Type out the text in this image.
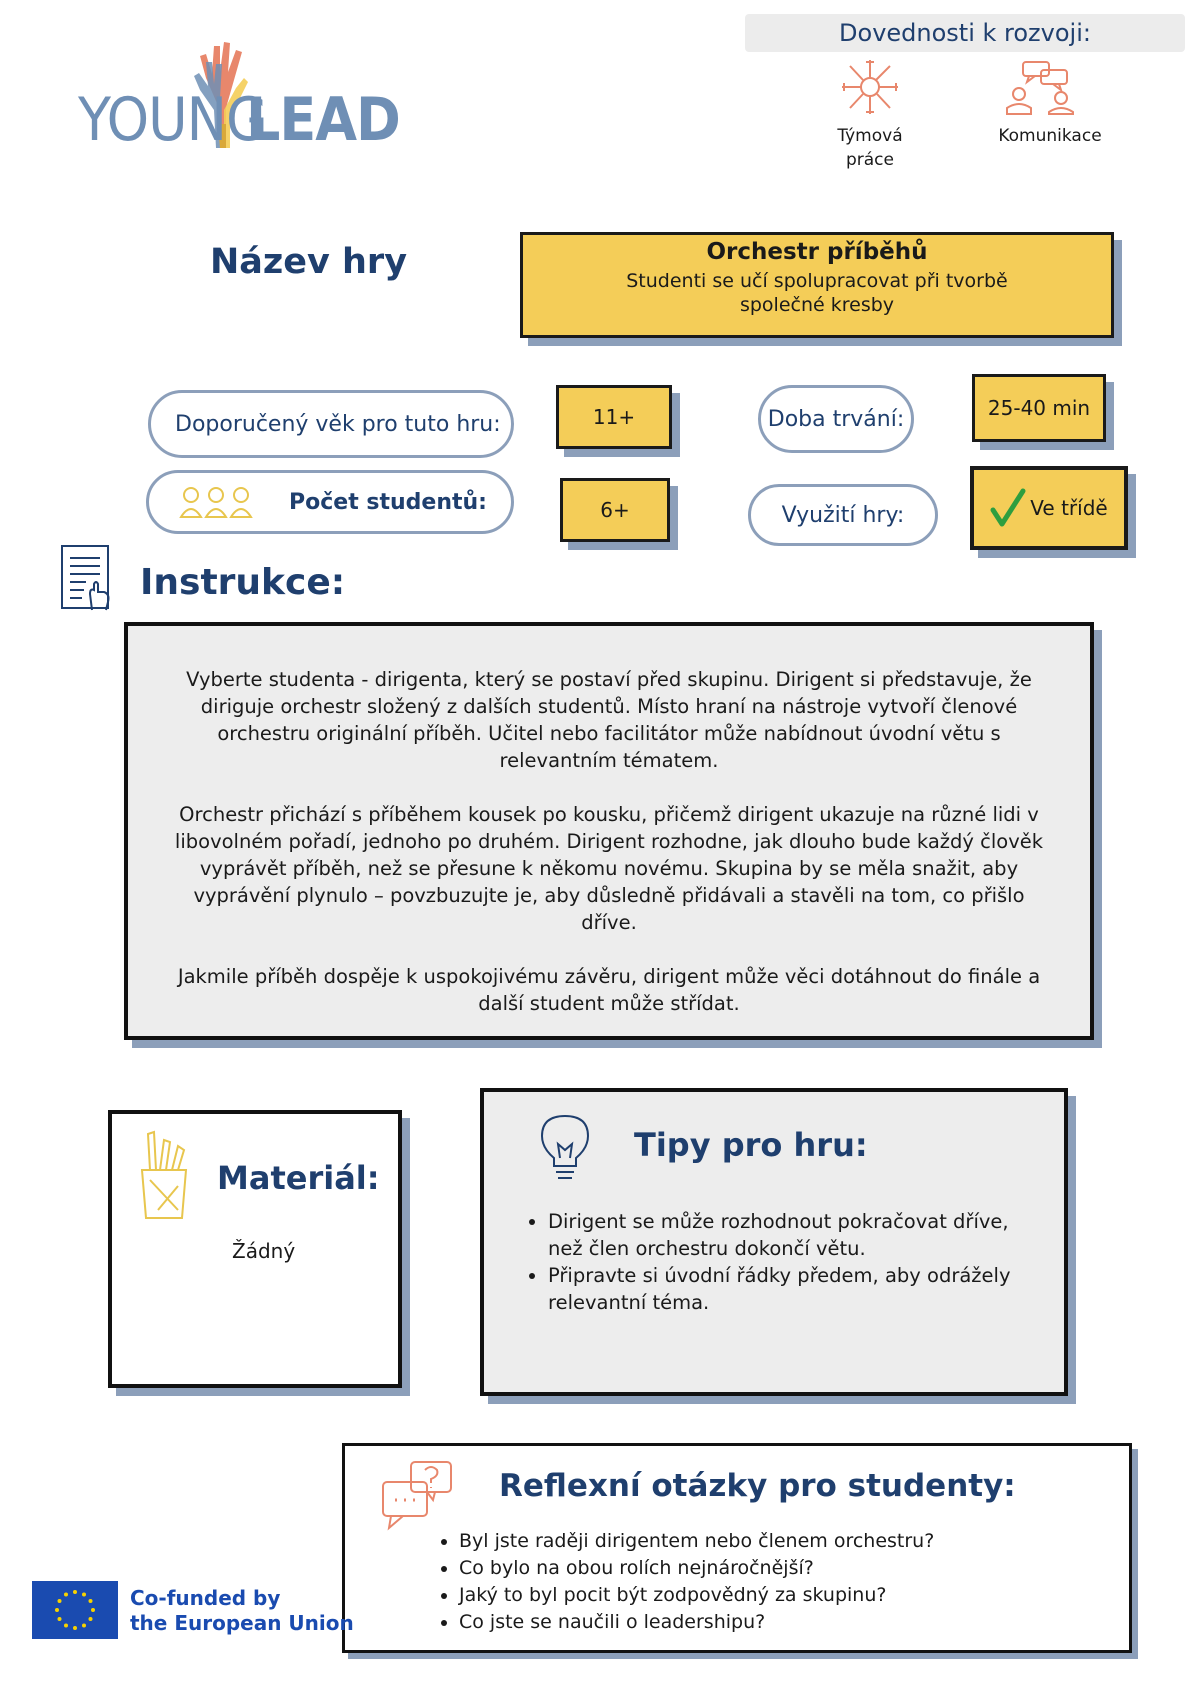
YOUNG
LEAD
Dovednosti k rozvoji:
Týmová
práce
Komunikace
Název hry	Orchestr příběhů
Studenti se učí spolupracovat při tvorbě společné kresby
Doporučený věk pro tuto hru:	11+	Doba trvání:	25-40 min
Počet studentů:	6+	Využití hry:	Ve třídě
Instrukce:

Vyberte studenta - dirigenta, který se postaví před skupinu. Dirigent si představuje, že diriguje orchestr složený z dalších studentů. Místo hraní na nástroje vytvoří členové orchestru originální příběh. Učitel nebo facilitátor může nabídnout úvodní větu s relevantním tématem.

Orchestr přichází s příběhem kousek po kousku, přičemž dirigent ukazuje na různé lidi v libovolném pořadí, jednoho po druhém. Dirigent rozhodne, jak dlouho bude každý člověk vyprávět příběh, než se přesune k někomu novému. Skupina by se měla snažit, aby vyprávění plynulo – povzbuzujte je, aby důsledně přidávali a stavěli na tom, co přišlo dříve.

Jakmile příběh dospěje k uspokojivému závěru, dirigent může věci dotáhnout do finále a další student může střídat.

Materiál:
Žádný
Tipy pro hru:
• Dirigent se může rozhodnout pokračovat dříve, než člen orchestru dokončí větu.
• Připravte si úvodní řádky předem, aby odrážely relevantní téma.
Reflexní otázky pro studenty:
• Byl jste raději dirigentem nebo členem orchestru?
• Co bylo na obou rolích nejnáročnější?
• Jaký to byl pocit být zodpovědný za skupinu?
• Co jste se naučili o leadershipu?
Co-funded by
the European Union
